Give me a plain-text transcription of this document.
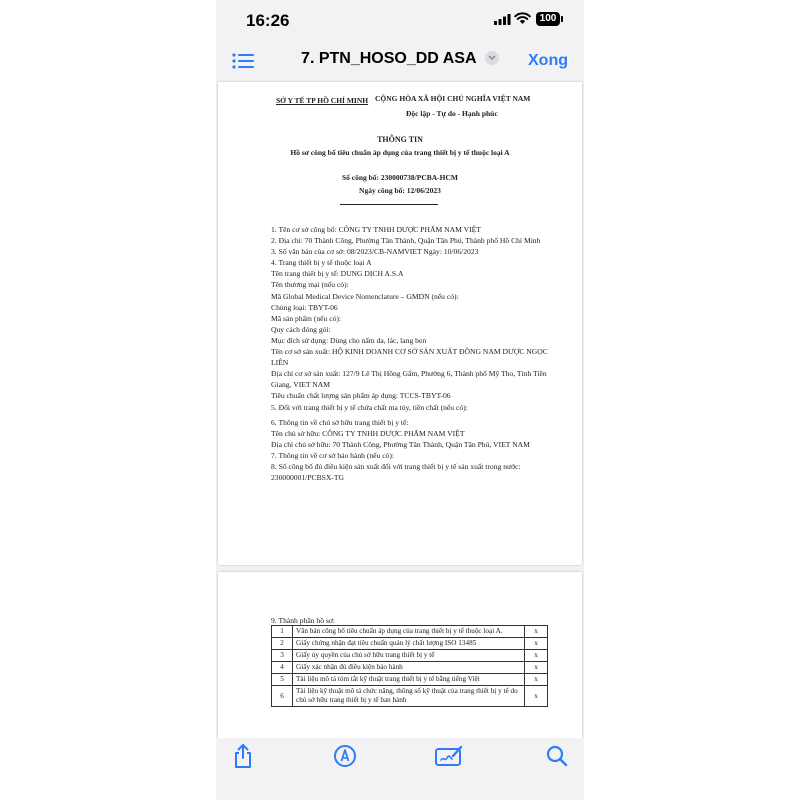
16:26	100
7. PTN_HOSO_DD ASA	Xong
SỞ Y TẾ TP HỒ CHÍ MINH CỘNG HÒA XÃ HỘI CHỦ NGHĨA VIỆT NAM
Độc lập - Tự do - Hạnh phúc
THÔNG TIN
Hồ sơ công bố tiêu chuẩn áp dụng của trang thiết bị y tế thuộc loại A
Số công bố: 230000738/PCBA-HCM
Ngày công bố: 12/06/2023
1. Tên cơ sở công bố: CÔNG TY TNHH DƯỢC PHẨM NAM VIỆT
2. Địa chỉ: 70 Thành Công, Phường Tân Thành, Quận Tân Phú, Thành phố Hồ Chí Minh
3. Số văn bản của cơ sở: 08/2023/CB-NAMVIET Ngày: 10/06/2023
4. Trang thiết bị y tế thuộc loại A
Tên trang thiết bị y tế: DUNG DỊCH A.S.A
Tên thương mại (nếu có):
Mã Global Medical Device Nomenclature – GMDN (nếu có):
Chủng loại: TBYT-06
Mã sản phẩm (nếu có):
Quy cách đóng gói:
Mục đích sử dụng: Dùng cho nấm da, lác, lang ben
Tên cơ sở sản xuất: HỘ KINH DOANH CƠ SỞ SẢN XUẤT ĐÔNG NAM DƯỢC NGỌC LIÊN
Địa chỉ cơ sở sản xuất: 127/9 Lê Thị Hồng Gấm, Phường 6, Thành phố Mỹ Tho, Tỉnh Tiền Giang, VIET NAM
Tiêu chuẩn chất lượng sản phẩm áp dụng: TCCS-TBYT-06
5. Đối với trang thiết bị y tế chứa chất ma túy, tiền chất (nếu có):
6. Thông tin về chủ sở hữu trang thiết bị y tế:
Tên chủ sở hữu: CÔNG TY TNHH DƯỢC PHẨM NAM VIỆT
Địa chỉ chủ sở hữu: 70 Thành Công, Phường Tân Thành, Quận Tân Phú, VIET NAM
7. Thông tin về cơ sở bảo hành (nếu có):
8. Số công bố đủ điều kiện sản xuất đối với trang thiết bị y tế sản xuất trong nước: 230000001/PCBSX-TG
9. Thành phần hồ sơ:
1	Văn bản công bố tiêu chuẩn áp dụng của trang thiết bị y tế thuộc loại A.	x
2	Giấy chứng nhận đạt tiêu chuẩn quản lý chất lượng ISO 13485	x
3	Giấy ủy quyền của chủ sở hữu trang thiết bị y tế	x
4	Giấy xác nhận đủ điều kiện bảo hành	x
5	Tài liệu mô tả tóm tắt kỹ thuật trang thiết bị y tế bằng tiếng Việt	x
6	Tài liệu kỹ thuật mô tả chức năng, thông số kỹ thuật của trang thiết bị y tế do chủ sở hữu trang thiết bị y tế ban hành	x
